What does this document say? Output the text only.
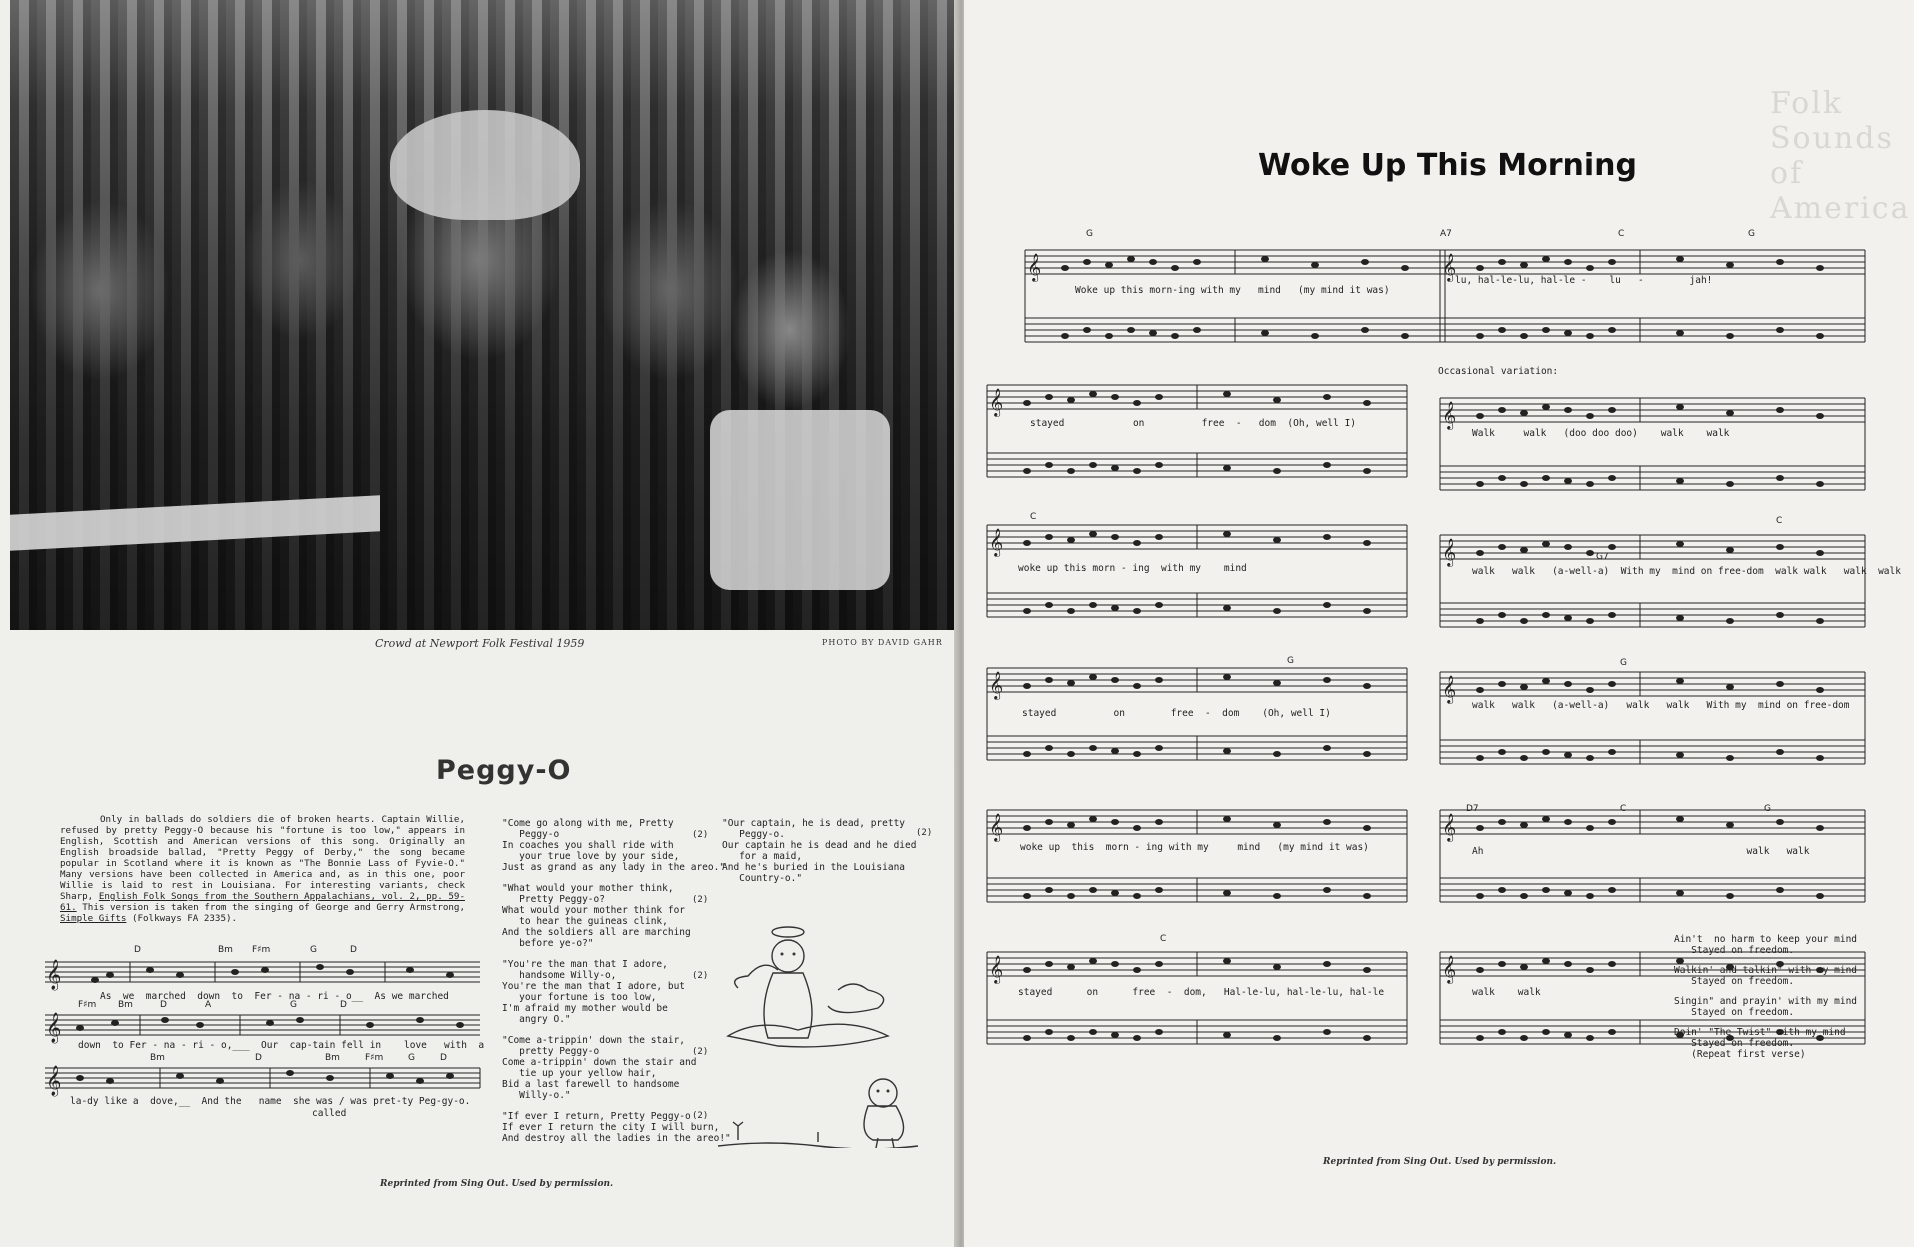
Crowd at Newport Folk Festival 1959	PHOTO BY DAVID GAHR
Peggy-O

Only in ballads do soldiers die of broken hearts. Captain Willie, refused by pretty Peggy-O because his "fortune is too low," appears in English, Scottish and American versions of this song. Originally an English broadside ballad, "Pretty Peggy of Derby," the song became popular in Scotland where it is known as "The Bonnie Lass of Fyvie-O." Many versions have been collected in America and, as in this one, poor Willie is laid to rest in Louisiana. For interesting variants, check Sharp, English Folk Songs from the Southern Appalachians, vol. 2, pp. 59-61. This version is taken from the singing of George and Gerry Armstrong, Simple Gifts (Folkways FA 2335).

𝄞
𝄞
𝄞
D	Bm F♯m	G	D
As  we  marched  down  to  Fer - na - ri - o__  As we marched
F♯m Bm	D	A	G	D
down  to Fer - na - ri - o,___  Our  cap-tain fell in    love   with  a
Bm	D	Bm	F♯m	G	D
la-dy like a  dove,__  And the   name  she was / was pret-ty Peg-gy-o.
called
"Come go along with me, Pretty
Peggy-o
In coaches you shall ride with
your true love by your side,
Just as grand as any lady in the areo."
(2)
"What would your mother think,
Pretty Peggy-o?
What would your mother think for
to hear the guineas clink,
And the soldiers all are marching
before ye-o?"
(2)
"You're the man that I adore,
handsome Willy-o,
You're the man that I adore, but
your fortune is too low,
I'm afraid my mother would be
angry O."
(2)
"Come a-trippin' down the stair,
pretty Peggy-o
Come a-trippin' down the stair and
tie up your yellow hair,
Bid a last farewell to handsome
Willy-o."
(2)
"If ever I return, Pretty Peggy-o
If ever I return the city I will burn,
And destroy all the ladies in the areo!"
(2)
"Our captain, he is dead, pretty
Peggy-o.
Our captain he is dead and he died
for a maid,
And he's buried in the Louisiana
Country-o."
(2)
Reprinted from Sing Out. Used by permission.
Folk Sounds of America
Woke Up This Morning
𝄞	𝄞
𝄞	𝄞
𝄞	𝄞
𝄞	𝄞
𝄞	𝄞
𝄞	𝄞
G
Woke up this morn-ing with my   mind   (my mind it was)
A7	C	G
lu, hal-le-lu, hal-le -    lu   -        jah!
stayed            on          free  -   dom  (Oh, well I)
Occasional variation:
Walk     walk   (doo doo doo)    walk    walk
C
woke up this morn - ing  with my    mind
G7
C
walk   walk   (a-well-a)  With my  mind on free-dom  walk walk   walk  walk
G
stayed          on        free  -  dom    (Oh, well I)
G
walk   walk   (a-well-a)   walk   walk   With my  mind on free-dom
woke up  this  morn - ing with my     mind   (my mind it was)
D7	C	G
Ah                                              walk   walk
C
stayed      on      free  -  dom,   Hal-le-lu, hal-le-lu, hal-le	walk    walk

Ain't  no harm to keep your mind
Stayed on freedom.

Walkin' and talkin" with my mind
Stayed on freedom.

Singin" and prayin' with my mind
Stayed on freedom.

Doin' "The Twist" with my mind
Stayed on freedom.
(Repeat first verse)

Reprinted from Sing Out. Used by permission.
